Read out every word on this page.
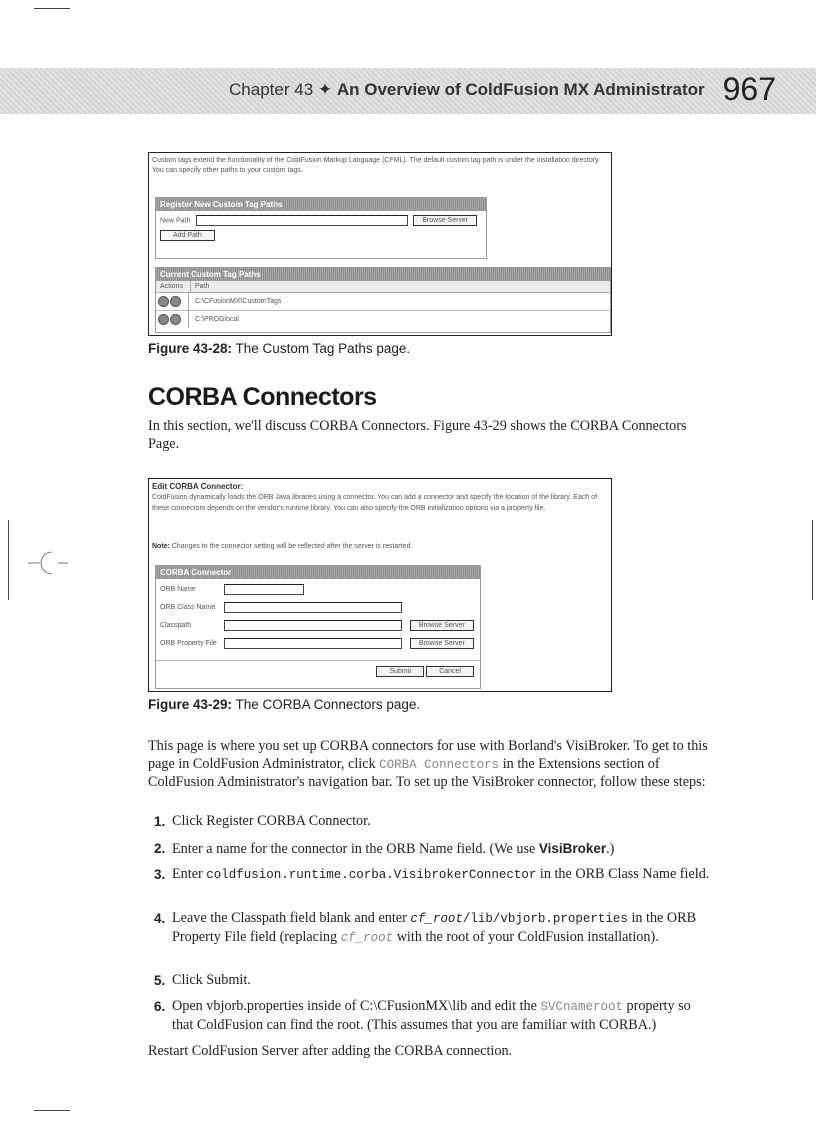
Chapter 43 ✦ An Overview of ColdFusion MX Administrator 967
Custom tags extend the functionality of the ColdFusion Markup Language (CFML). The default custom tag path is under the installation directory. You can specify other paths to your custom tags.
Register New Custom Tag Paths
New Path	Browse Server
Add Path
Current Custom Tag Paths
Actions	Path
C:\CFusionMX\CustomTags
C:\PROGlocal
Figure 43-28: The Custom Tag Paths page.
CORBA Connectors
In this section, we'll discuss CORBA Connectors. Figure 43-29 shows the CORBA Connectors Page.
Edit CORBA Connector:
ColdFusion dynamically loads the ORB Java libraries using a connector. You can add a connector and specify the location of the library. Each of these connectors depends on the vendor's runtime library. You can also specify the ORB initialization options via a property file.
Note: Changes to the connector setting will be reflected after the server is restarted.
CORBA Connector
ORB Name
ORB Class Name
Classpath	Browse Server
ORB Property File	Browse Server
Submit	Cancel
Figure 43-29: The CORBA Connectors page.
This page is where you set up CORBA connectors for use with Borland's VisiBroker. To get to this page in ColdFusion Administrator, click CORBA Connectors in the Extensions section of ColdFusion Administrator's navigation bar. To set up the VisiBroker connector, follow these steps:
1. Click Register CORBA Connector.
2. Enter a name for the connector in the ORB Name field. (We use VisiBroker.)
3. Enter coldfusion.runtime.corba.VisibrokerConnector in the ORB Class Name field.
4. Leave the Classpath field blank and enter cf_root/lib/vbjorb.properties in the ORB Property File field (replacing cf_root with the root of your ColdFusion installation).
5. Click Submit.
6. Open vbjorb.properties inside of C:\CFusionMX\lib and edit the SVCnameroot property so that ColdFusion can find the root. (This assumes that you are familiar with CORBA.)
Restart ColdFusion Server after adding the CORBA connection.
